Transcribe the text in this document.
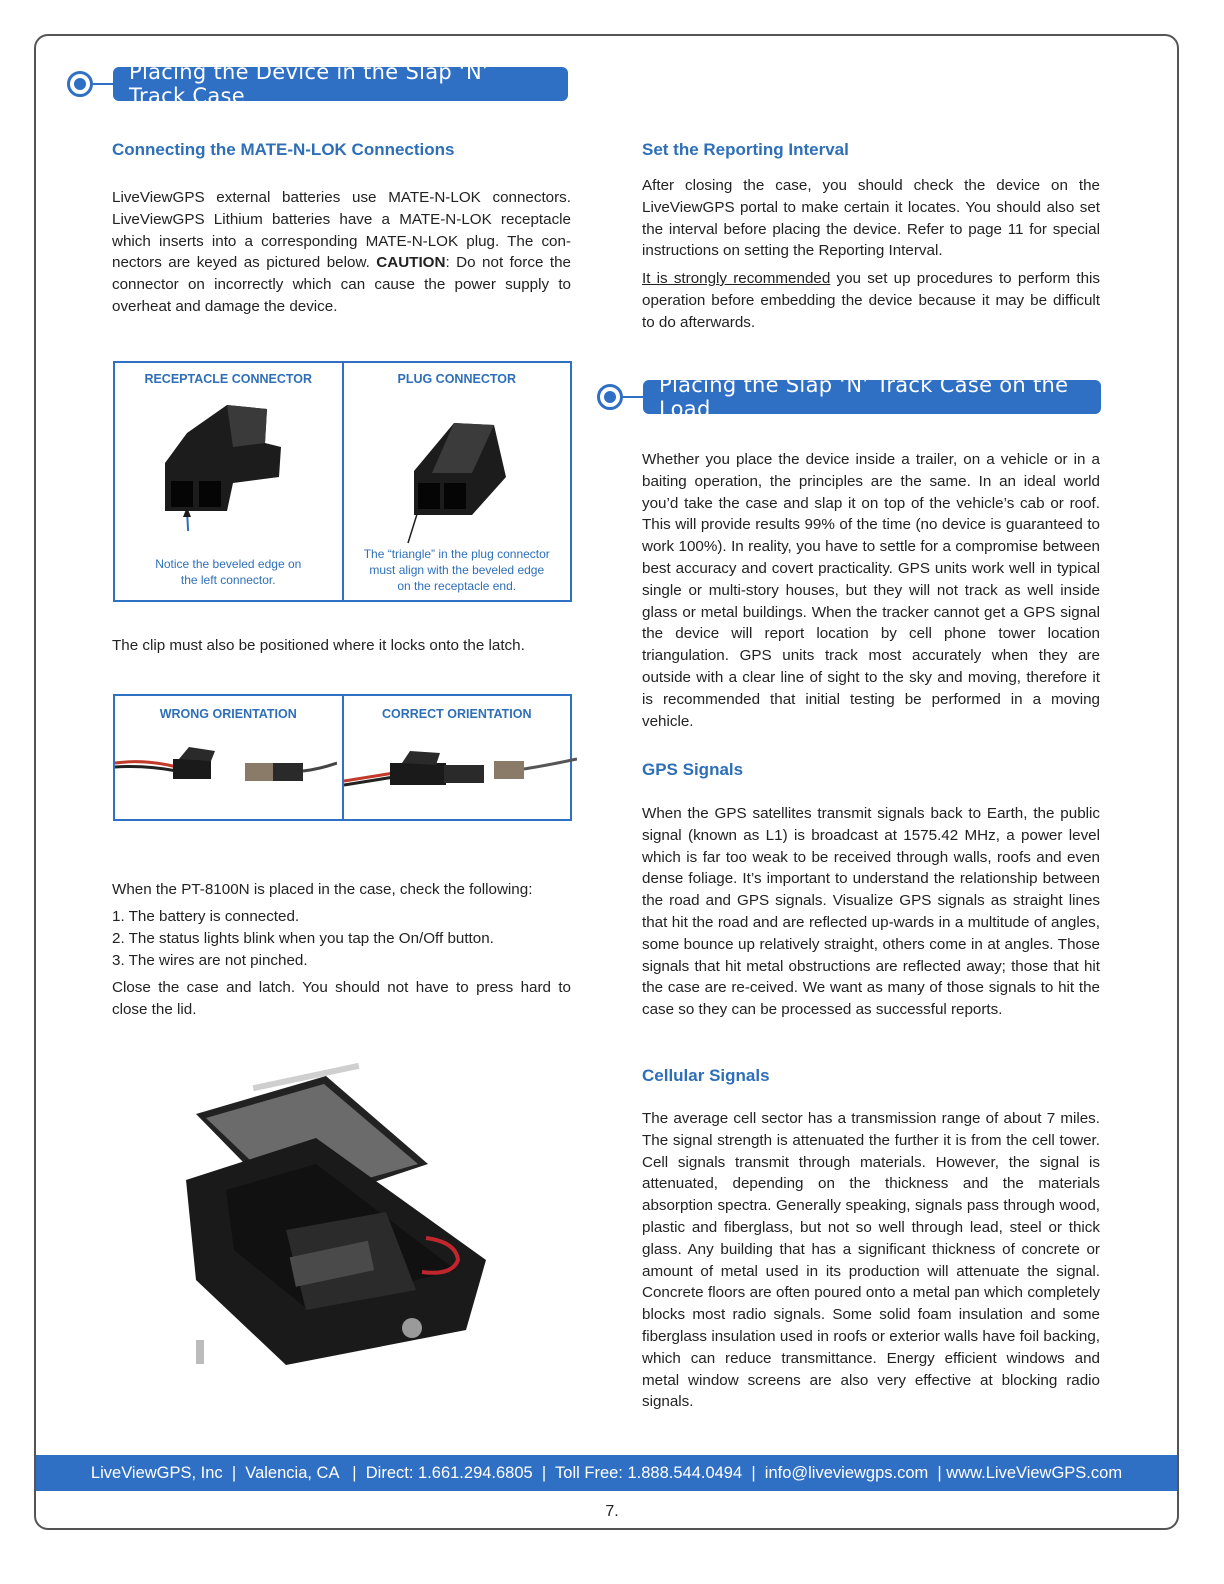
Placing the Device in the Slap ‘N’ Track Case
Connecting the MATE-N-LOK Connections

LiveViewGPS external batteries use MATE-N-LOK connectors. LiveViewGPS Lithium batteries have a MATE-N-LOK receptacle which inserts into a corresponding MATE-N-LOK plug. The con-nectors are keyed as pictured below. CAUTION: Do not force the connector on incorrectly which can cause the power supply to overheat and damage the device.

RECEPTACLE CONNECTOR
Notice the beveled edge on
the left connector.
PLUG CONNECTOR
The “triangle” in the plug connector
must align with the beveled edge
on the receptacle end.

The clip must also be positioned where it locks onto the latch.

WRONG ORIENTATION	CORRECT ORIENTATION

When the PT-8100N is placed in the case, check the following:

1. The battery is connected.
2. The status lights blink when you tap the On/Off button.
3. The wires are not pinched.

Close the case and latch. You should not have to press hard to close the lid.

Set the Reporting Interval

After closing the case, you should check the device on the LiveViewGPS portal to make certain it locates. You should also set the interval before placing the device. Refer to page 11 for special instructions on setting the Reporting Interval.

It is strongly recommended you set up procedures to perform this operation before embedding the device because it may be difficult to do afterwards.

Placing the Slap ‘N’ Track Case on the Load

Whether you place the device inside a trailer, on a vehicle or in a baiting operation, the principles are the same. In an ideal world you’d take the case and slap it on top of the vehicle’s cab or roof. This will provide results 99% of the time (no device is guaranteed to work 100%). In reality, you have to settle for a compromise between best accuracy and covert practicality. GPS units work well in typical single or multi-story houses, but they will not track as well inside glass or metal buildings. When the tracker cannot get a GPS signal the device will report location by cell phone tower location triangulation. GPS units track most accurately when they are outside with a clear line of sight to the sky and moving, therefore it is recommended that initial testing be performed in a moving vehicle.

GPS Signals

When the GPS satellites transmit signals back to Earth, the public signal (known as L1) is broadcast at 1575.42 MHz, a power level which is far too weak to be received through walls, roofs and even dense foliage. It’s important to understand the relationship between the road and GPS signals. Visualize GPS signals as straight lines that hit the road and are reflected up-wards in a multitude of angles, some bounce up relatively straight, others come in at angles. Those signals that hit metal obstructions are reflected away; those that hit the case are re-ceived. We want as many of those signals to hit the case so they can be processed as successful reports.

Cellular Signals

The average cell sector has a transmission range of about 7 miles. The signal strength is attenuated the further it is from the cell tower. Cell signals transmit through materials. However, the signal is attenuated, depending on the thickness and the materials absorption spectra. Generally speaking, signals pass through wood, plastic and fiberglass, but not so well through lead, steel or thick glass. Any building that has a significant thickness of concrete or amount of metal used in its production will attenuate the signal. Concrete floors are often poured onto a metal pan which completely blocks most radio signals. Some solid foam insulation and some fiberglass insulation used in roofs or exterior walls have foil backing, which can reduce transmittance. Energy efficient windows and metal window screens are also very effective at blocking radio signals.

LiveViewGPS, Inc  |  Valencia, CA   |  Direct: 1.661.294.6805  |  Toll Free: 1.888.544.0494  |  info@liveviewgps.com  | www.LiveViewGPS.com
7.
